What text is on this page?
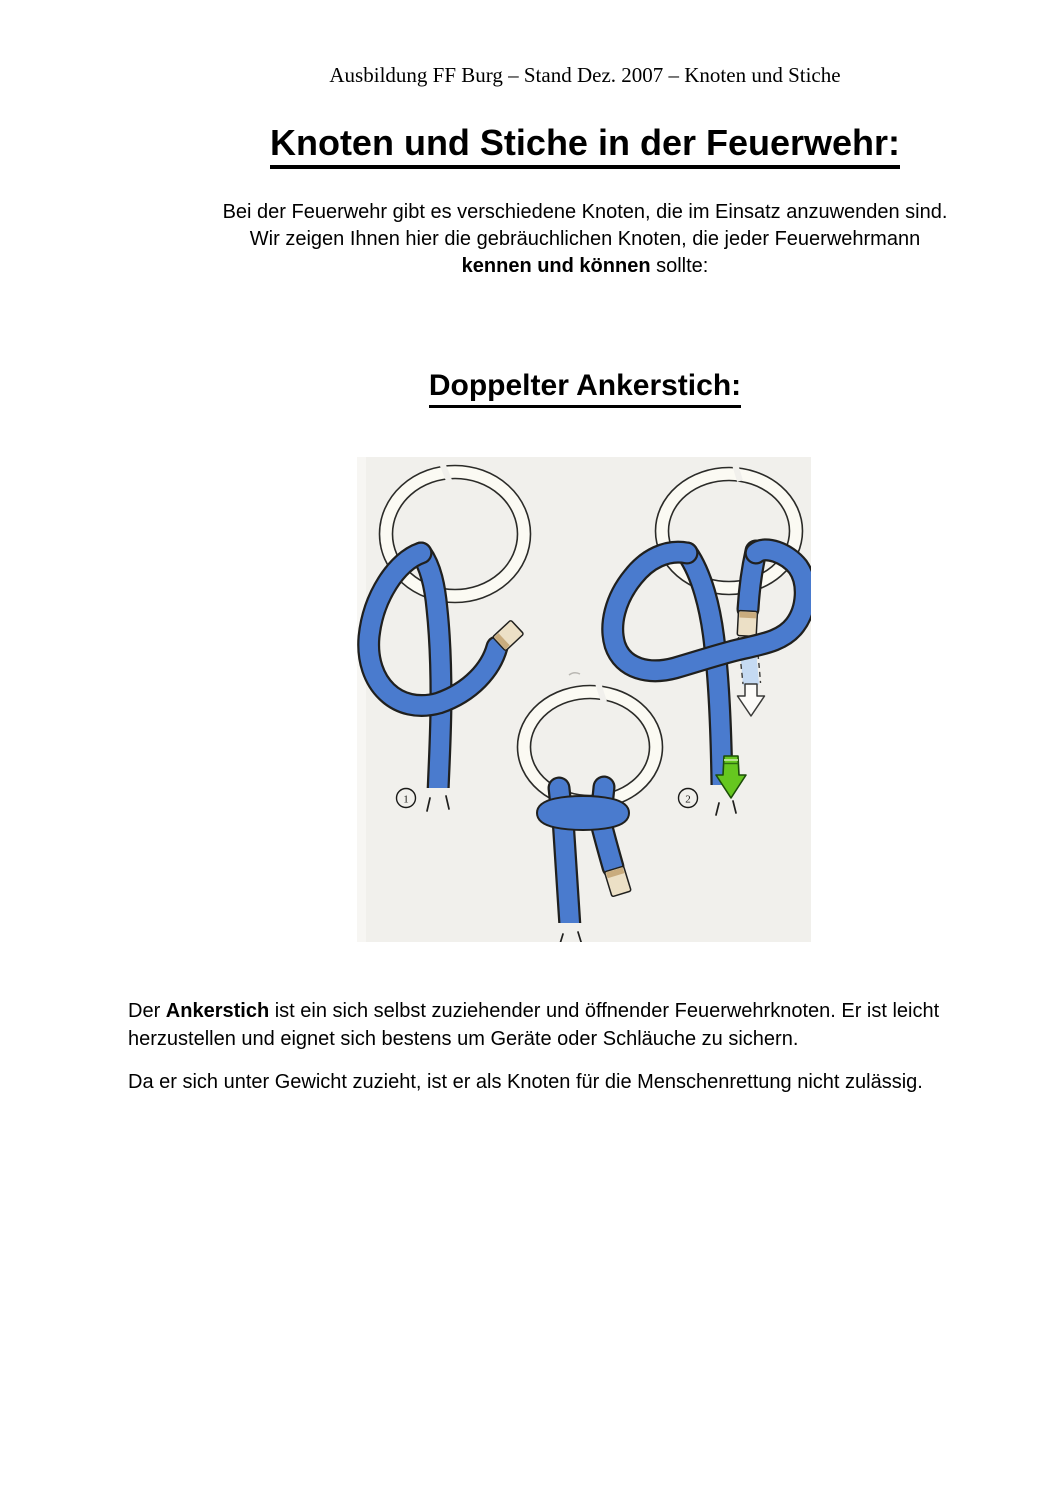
Ausbildung FF Burg – Stand Dez. 2007 – Knoten und Stiche
Knoten und Stiche in der Feuerwehr:
Bei der Feuerwehr gibt es verschiedene Knoten, die im Einsatz anzuwenden sind.
Wir zeigen Ihnen hier die gebräuchlichen Knoten, die jeder Feuerwehrmann
kennen und können sollte:
Doppelter Ankerstich:
1	2
Der Ankerstich ist ein sich selbst zuziehender und öffnender Feuerwehrknoten. Er ist leicht
herzustellen und eignet sich bestens um Geräte oder Schläuche zu sichern.
Da er sich unter Gewicht zuzieht, ist er als Knoten für die Menschenrettung nicht zulässig.
